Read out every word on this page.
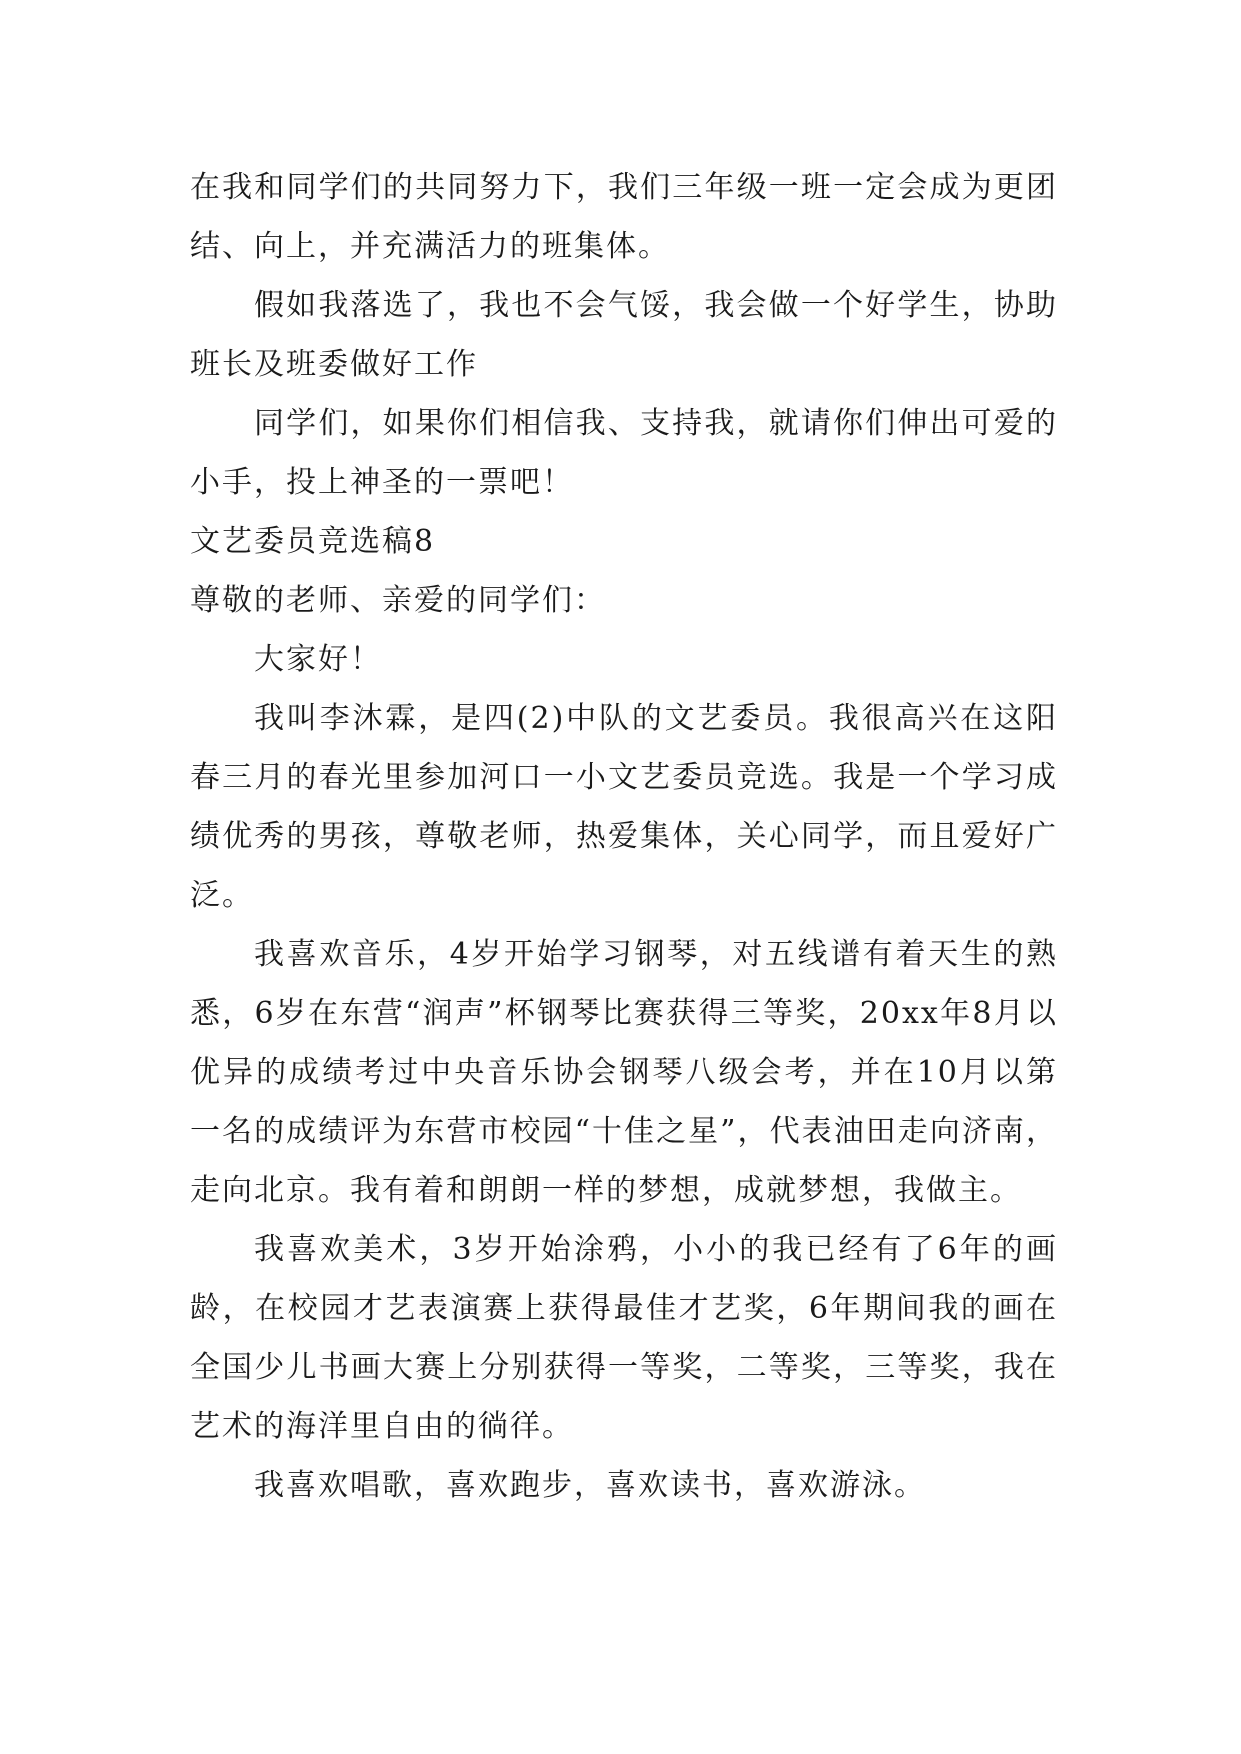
在我和同学们的共同努力下，我们三年级一班一定会成为更团结、向上，并充满活力的班集体。

假如我落选了，我也不会气馁，我会做一个好学生，协助班长及班委做好工作

同学们，如果你们相信我、支持我，就请你们伸出可爱的小手，投上神圣的一票吧！

文艺委员竞选稿8

尊敬的老师、亲爱的同学们：

大家好！

我叫李沐霖，是四(2)中队的文艺委员。我很高兴在这阳春三月的春光里参加河口一小文艺委员竞选。我是一个学习成绩优秀的男孩，尊敬老师，热爱集体，关心同学，而且爱好广泛。

我喜欢音乐，4岁开始学习钢琴，对五线谱有着天生的熟悉，6岁在东营“润声”杯钢琴比赛获得三等奖，20xx年8月以优异的成绩考过中央音乐协会钢琴八级会考，并在10月以第一名的成绩评为东营市校园“十佳之星”，代表油田走向济南，走向北京。我有着和朗朗一样的梦想，成就梦想，我做主。

我喜欢美术，3岁开始涂鸦，小小的我已经有了6年的画龄，在校园才艺表演赛上获得最佳才艺奖，6年期间我的画在全国少儿书画大赛上分别获得一等奖，二等奖，三等奖，我在艺术的海洋里自由的徜徉。

我喜欢唱歌，喜欢跑步，喜欢读书，喜欢游泳。
